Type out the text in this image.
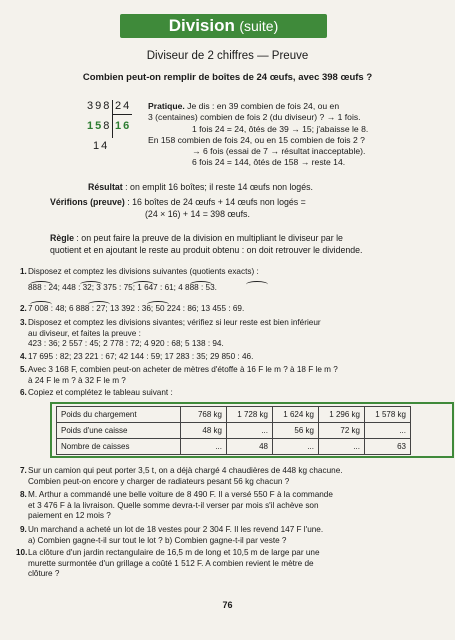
Division (suite)
Diviseur de 2 chiffres — Preuve
Combien peut-on remplir de boîtes de 24 œufs, avec 398 œufs ?
398 24
158 16
14
Pratique. Je dis : en 39 combien de fois 24, ou en
3 (centaines) combien de fois 2 (du diviseur) ? → 1 fois.
1 fois 24 = 24, ôtés de 39 → 15; j'abaisse le 8.
En 158 combien de fois 24, ou en 15 combien de fois 2 ?
→ 6 fois (essai de 7 → résultat inacceptable).
6 fois 24 = 144, ôtés de 158 → reste 14.
Résultat : on emplit 16 boîtes; il reste 14 œufs non logés.
Vérifions (preuve) : 16 boîtes de 24 œufs + 14 œufs non logés =
(24 × 16) + 14 = 398 œufs.
Règle : on peut faire la preuve de la division en multipliant le diviseur par le
quotient et en ajoutant le reste au produit obtenu : on doit retrouver le dividende.
1. Disposez et comptez les divisions suivantes (quotients exacts) :
888 : 24; 448 : 32; 3 375 : 75; 1 647 : 61; 4 888 : 53.
2. 7 008 : 48; 6 888 : 27; 13 392 : 36; 50 224 : 86; 13 455 : 69.
3. Disposez et comptez les divisions sivantes; vérifiez si leur reste est bien inférieur
au diviseur, et faites la preuve :
423 : 36; 2 557 : 45; 2 778 : 72; 4 920 : 68; 5 138 : 94.
4. 17 695 : 82; 23 221 : 67; 42 144 : 59; 17 283 : 35; 29 850 : 46.
5. Avec 3 168 F, combien peut-on acheter de mètres d'étoffe à 16 F le m ? à 18 F le m ?
à 24 F le m ? à 32 F le m ?
6. Copiez et complétez le tableau suivant :
Poids du chargement	768 kg	1 728 kg	1 624 kg	1 296 kg	1 578 kg
Poids d'une caisse	48 kg	...	56 kg	72 kg	...
Nombre de caisses	...	48	...	...	63
7. Sur un camion qui peut porter 3,5 t, on a déjà chargé 4 chaudières de 448 kg chacune.
Combien peut-on encore y charger de radiateurs pesant 56 kg chacun ?
8. M. Arthur a commandé une belle voiture de 8 490 F. Il a versé 550 F à la commande
et 3 476 F à la livraison. Quelle somme devra-t-il verser par mois s'il achève son
paiement en 12 mois ?
9. Un marchand a acheté un lot de 18 vestes pour 2 304 F. Il les revend 147 F l'une.
a) Combien gagne-t-il sur tout le lot ? b) Combien gagne-t-il par veste ?
10. La clôture d'un jardin rectangulaire de 16,5 m de long et 10,5 m de large par une
murette surmontée d'un grillage a coûté 1 512 F. A combien revient le mètre de
clôture ?
76
